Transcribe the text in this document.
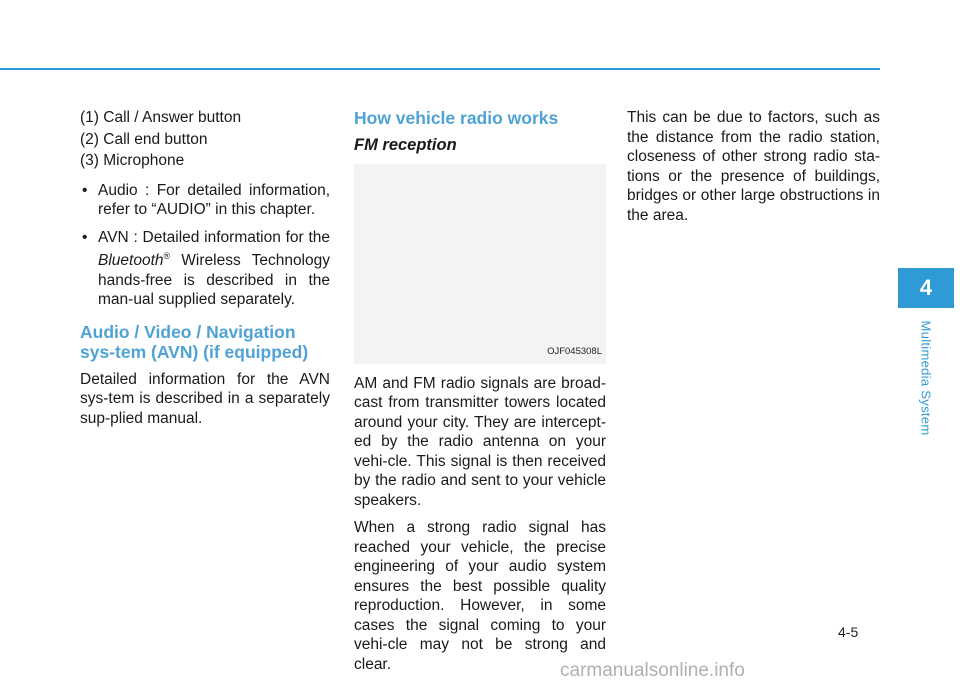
(1) Call / Answer button

(2) Call end button

(3) Microphone

• Audio : For detailed information, refer to “AUDIO” in this chapter.
• AVN : Detailed information for the Bluetooth® Wireless Technology hands-free is described in the man-ual supplied separately.
Audio / Video / Navigation sys-tem (AVN) (if equipped)

Detailed information for the AVN sys-tem is described in a separately sup-plied manual.

How vehicle radio works
FM reception
OJF045308L

AM and FM radio signals are broad-cast from transmitter towers located around your city. They are intercept-ed by the radio antenna on your vehi-cle. This signal is then received by the radio and sent to your vehicle speakers.

When a strong radio signal has reached your vehicle, the precise engineering of your audio system ensures the best possible quality reproduction. However, in some cases the signal coming to your vehi-cle may not be strong and clear.

This can be due to factors, such as the distance from the radio station, closeness of other strong radio sta-tions or the presence of buildings, bridges or other large obstructions in the area.

4
Multimedia System
4-5
carmanualsonline.info
